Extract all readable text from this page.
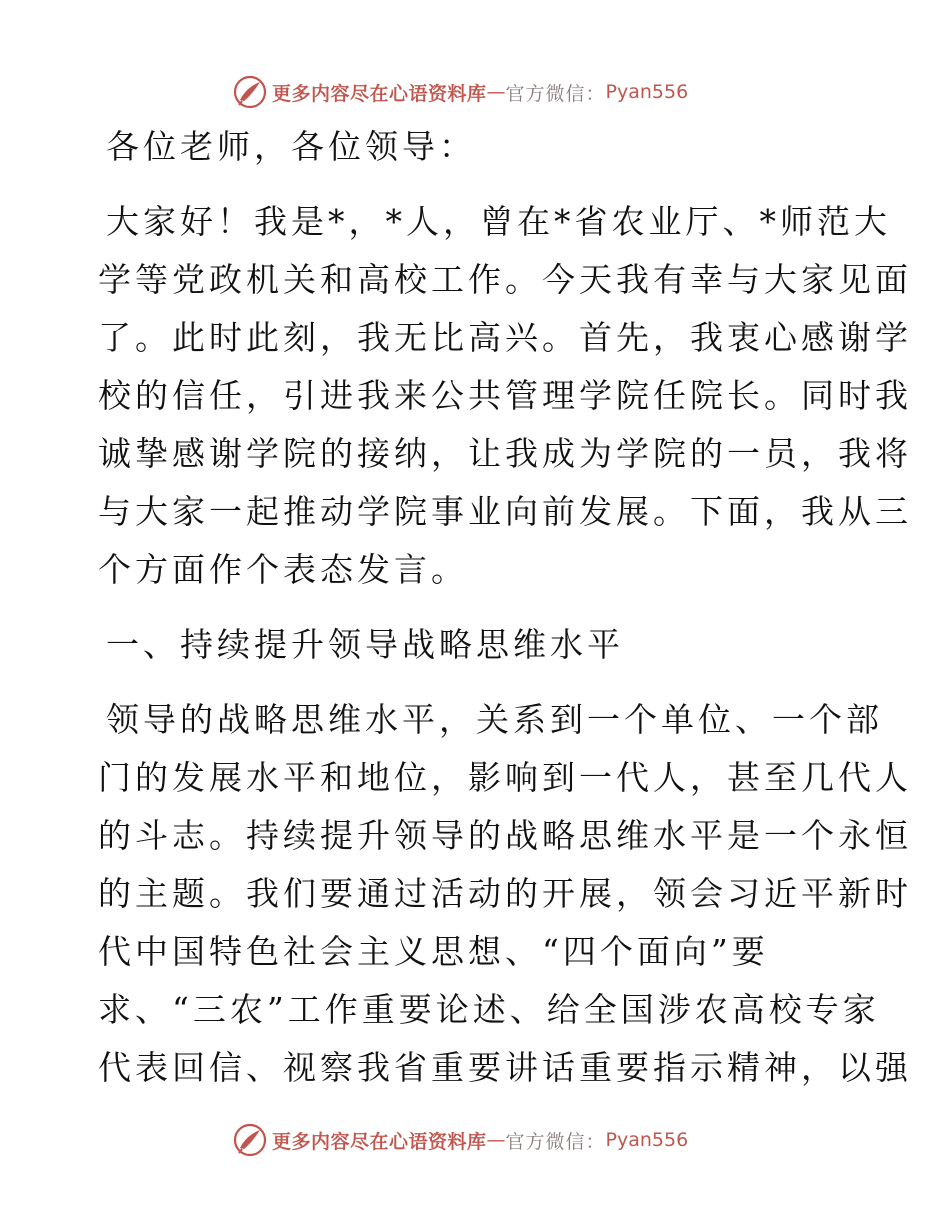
更多内容尽在心语资料库 — 官方微信： Pyan556
各位老师，各位领导：
大家好！我是*，*人，曾在*省农业厅、*师范大
学等党政机关和高校工作。今天我有幸与大家见面
了。此时此刻，我无比高兴。首先，我衷心感谢学
校的信任，引进我来公共管理学院任院长。同时我
诚挚感谢学院的接纳，让我成为学院的一员，我将
与大家一起推动学院事业向前发展。下面，我从三
个方面作个表态发言。
一、持续提升领导战略思维水平
领导的战略思维水平，关系到一个单位、一个部
门的发展水平和地位，影响到一代人，甚至几代人
的斗志。持续提升领导的战略思维水平是一个永恒
的主题。我们要通过活动的开展，领会习近平新时
代中国特色社会主义思想、“四个面向”要
求、“三农”工作重要论述、给全国涉农高校专家
代表回信、视察我省重要讲话重要指示精神，以强
更多内容尽在心语资料库 — 官方微信： Pyan556
